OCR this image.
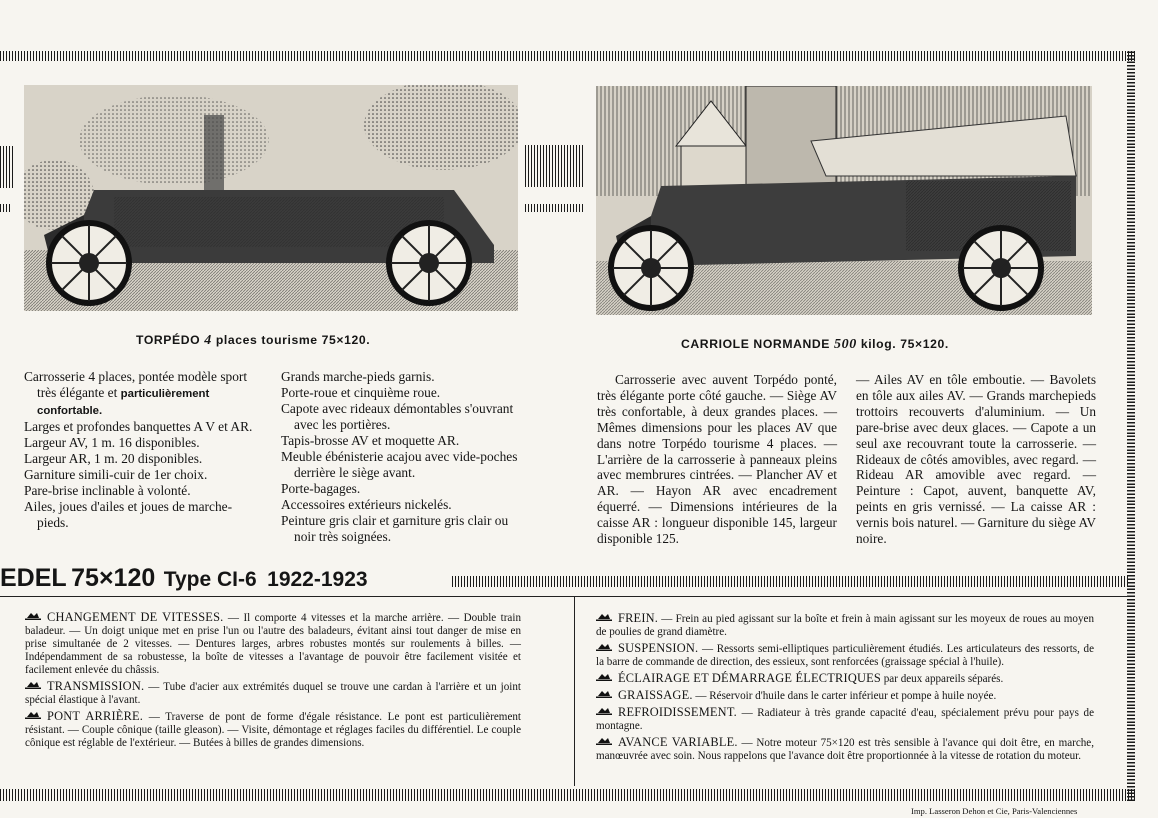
TORPÉDO 4 places tourisme 75×120.	CARRIOLE NORMANDE 500 kilog. 75×120.
Carrosserie 4 places, pontée modèle sport très élégante et particulièrement confortable.
Larges et profondes banquettes A V et AR.
Largeur AV, 1 m. 16 disponibles.
Largeur AR, 1 m. 20 disponibles.
Garniture simili-cuir de 1er choix.
Pare-brise inclinable à volonté.
Ailes, joues d'ailes et joues de marche-pieds.
Grands marche-pieds garnis.
Porte-roue et cinquième roue.
Capote avec rideaux démontables s'ouvrant avec les portières.
Tapis-brosse AV et moquette AR.
Meuble ébénisterie acajou avec vide-poches derrière le siège avant.
Porte-bagages.
Accessoires extérieurs nickelés.
Peinture gris clair et garniture gris clair ou noir très soignées.

Carrosserie avec auvent Torpédo ponté, très élégante porte côté gauche. — Siège AV très confortable, à deux grandes places. — Mêmes dimensions pour les places AV que dans notre Torpédo tourisme 4 places. — L'arrière de la carrosserie à panneaux pleins avec membrures cintrées. — Plancher AV et AR. — Hayon AR avec encadrement équerré. — Dimensions intérieures de la caisse AR : longueur disponible 145, largeur disponible 125.

— Ailes AV en tôle emboutie. — Bavolets en tôle aux ailes AV. — Grands marchepieds trottoirs recouverts d'aluminium. — Un pare-brise avec deux glaces. — Capote a un seul axe recouvrant toute la carrosserie. — Rideaux de côtés amovibles, avec regard. — Rideau AR amovible avec regard. — Peinture : Capot, auvent, banquette AV, peints en gris vernissé. — La caisse AR : vernis bois naturel. — Garniture du siège AV noire.

EDEL 75×120 Type CI-6 1922-1923

CHANGEMENT DE VITESSES. — Il comporte 4 vitesses et la marche arrière. — Double train baladeur. — Un doigt unique met en prise l'un ou l'autre des baladeurs, évitant ainsi tout danger de mise en prise simultanée de 2 vitesses. — Dentures larges, arbres robustes montés sur roulements à billes. — Indépendamment de sa robustesse, la boîte de vitesses a l'avantage de pouvoir être facilement visitée et facilement enlevée du châssis.

TRANSMISSION. — Tube d'acier aux extrémités duquel se trouve une cardan à l'arrière et un joint spécial élastique à l'avant.

PONT ARRIÈRE. — Traverse de pont de forme d'égale résistance. Le pont est particulièrement résistant. — Couple cônique (taille gleason). — Visite, démontage et réglages faciles du différentiel. Le couple cônique est réglable de l'extérieur. — Butées à billes de grandes dimensions.

FREIN. — Frein au pied agissant sur la boîte et frein à main agissant sur les moyeux de roues au moyen de poulies de grand diamètre.

SUSPENSION. — Ressorts semi-elliptiques particulièrement étudiés. Les articulateurs des ressorts, de la barre de commande de direction, des essieux, sont renforcées (graissage spécial à l'huile).

ÉCLAIRAGE ET DÉMARRAGE ÉLECTRIQUES par deux appareils séparés.

GRAISSAGE. — Réservoir d'huile dans le carter inférieur et pompe à huile noyée.

REFROIDISSEMENT. — Radiateur à très grande capacité d'eau, spécialement prévu pour pays de montagne.

AVANCE VARIABLE. — Notre moteur 75×120 est très sensible à l'avance qui doit être, en marche, manœuvrée avec soin. Nous rappelons que l'avance doit être proportionnée à la vitesse de rotation du moteur.

Imp. Lasseron Dehon et Cie, Paris-Valenciennes
